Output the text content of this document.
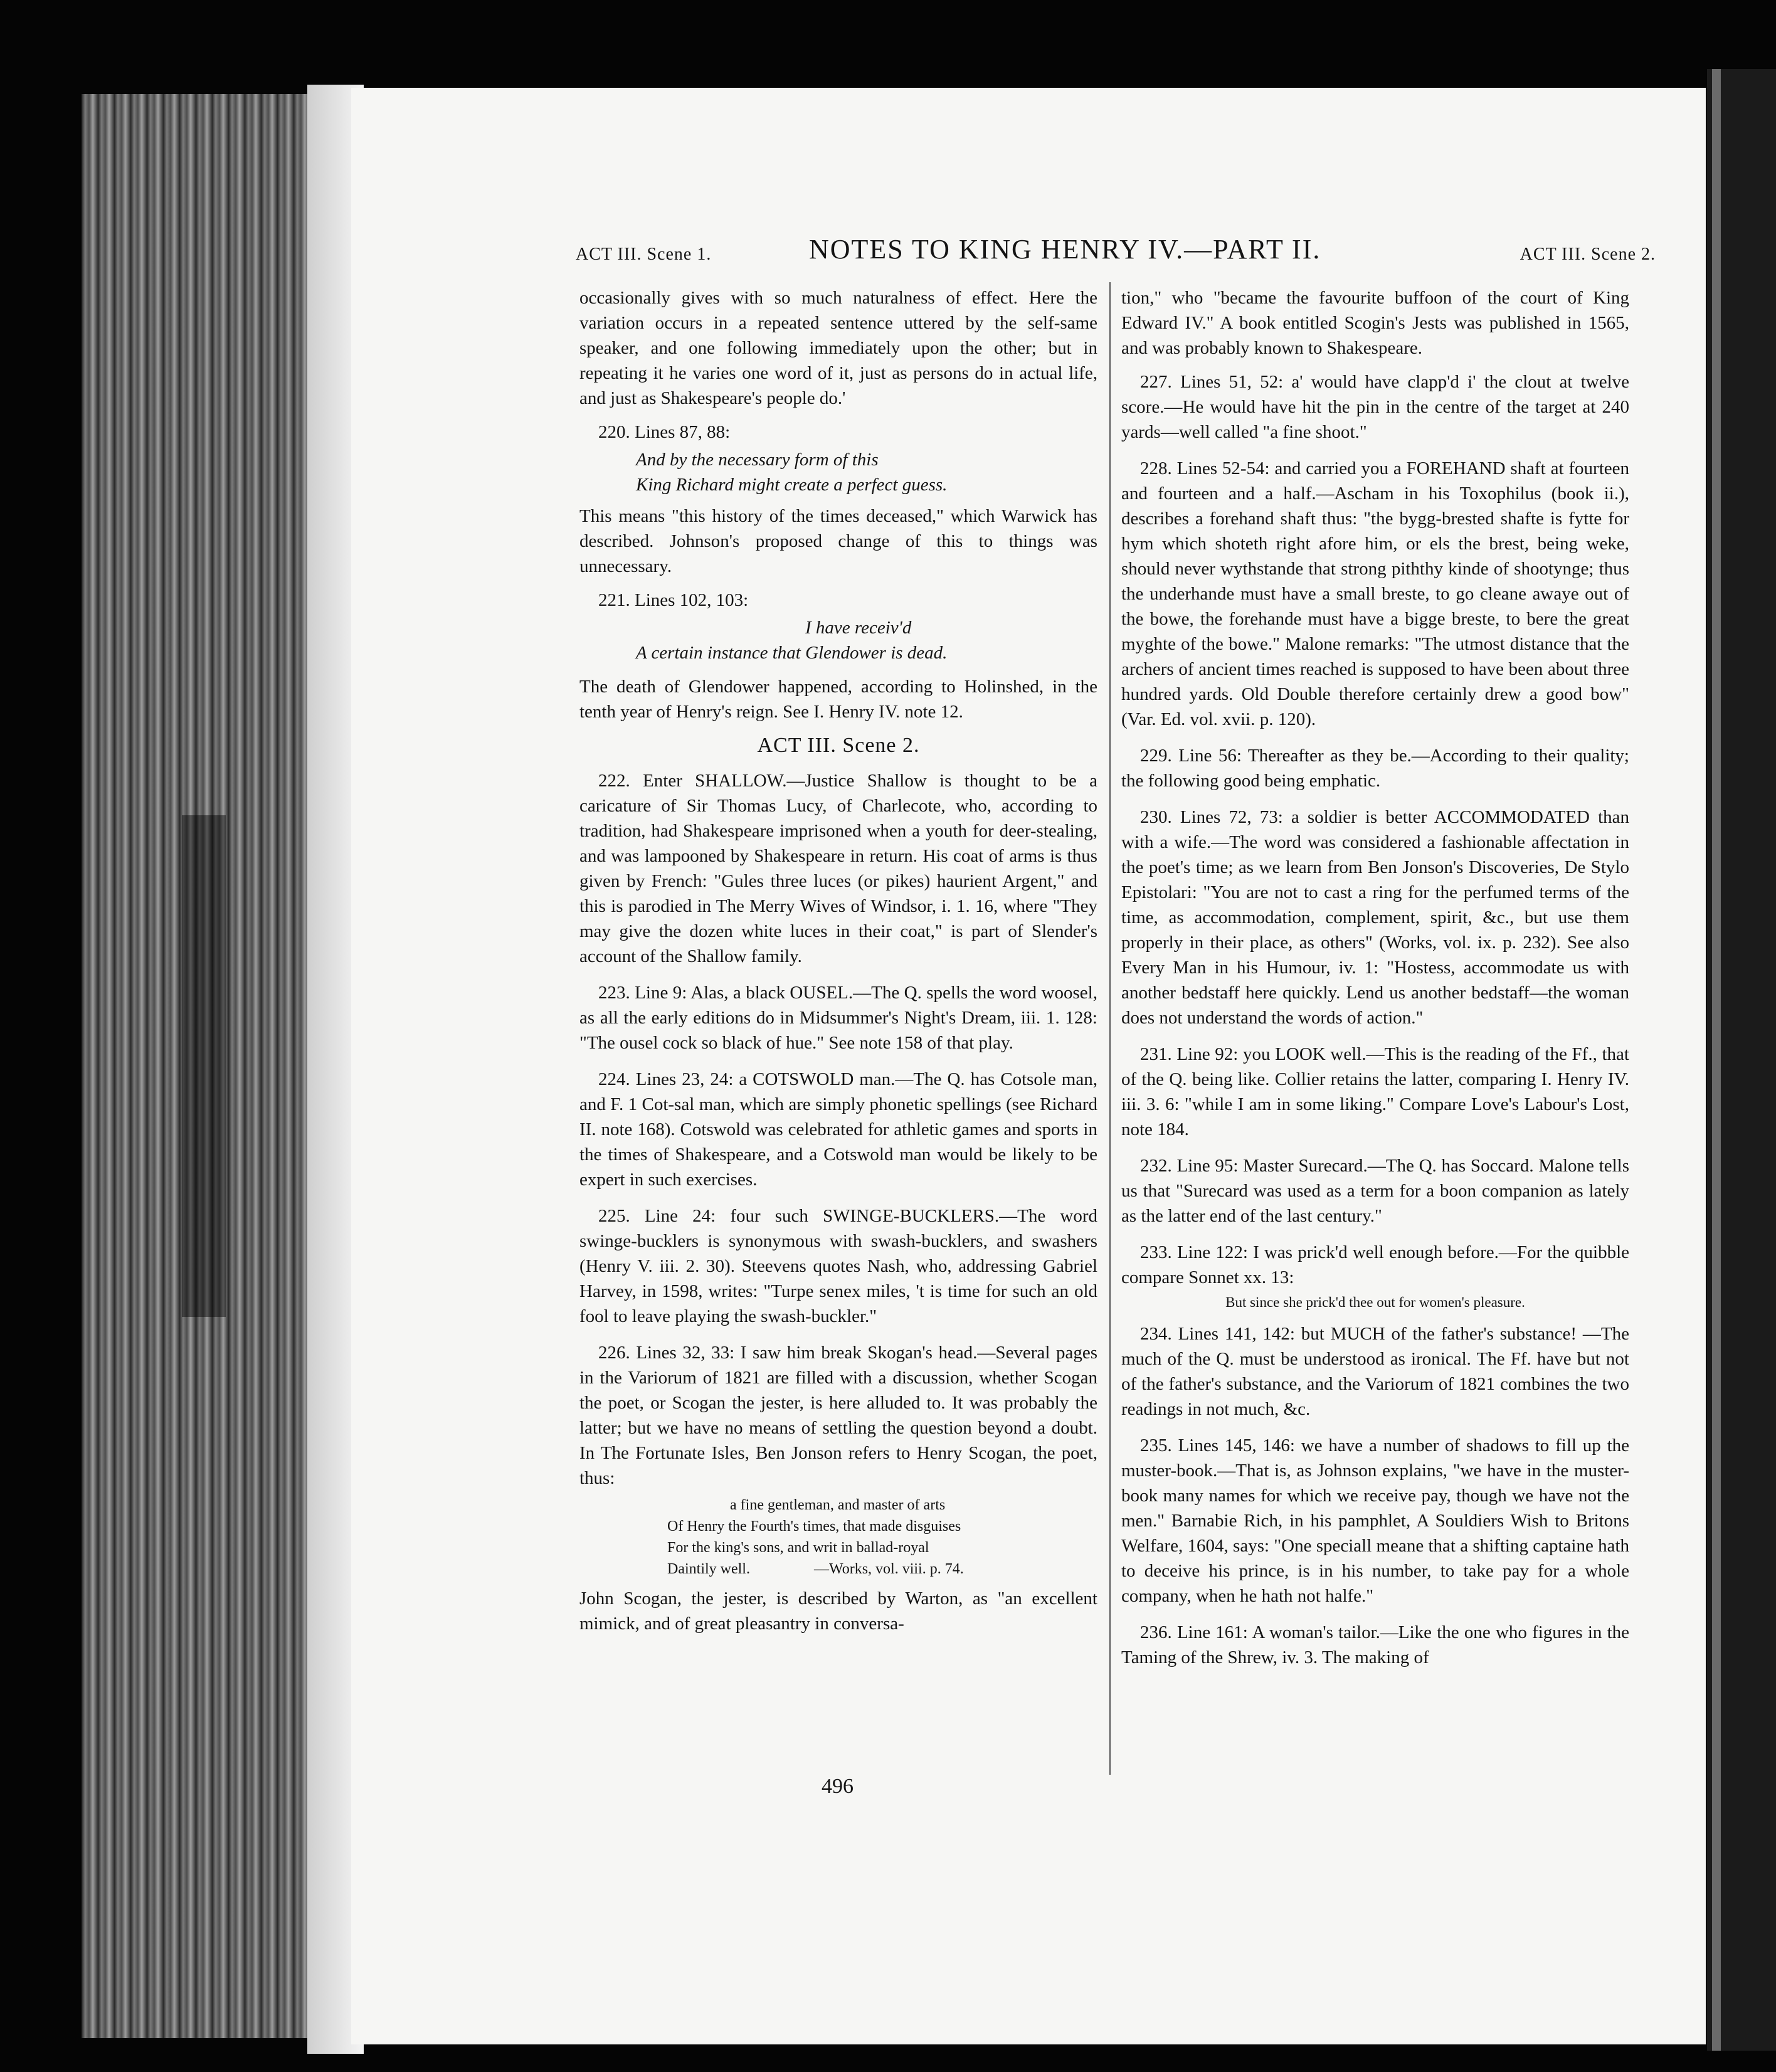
ACT III. Scene 1.	NOTES TO KING HENRY IV.—PART II.	ACT III. Scene 2.

occasionally gives with so much naturalness of effect. Here the variation occurs in a repeated sentence uttered by the self-same speaker, and one following immediately upon the other; but in repeating it he varies one word of it, just as persons do in actual life, and just as Shakespeare's people do.'

220. Lines 87, 88:

And by the necessary form of this

King Richard might create a perfect guess.

This means "this history of the times deceased," which Warwick has described. Johnson's proposed change of this to things was unnecessary.

221. Lines 102, 103:

I have receiv'd

A certain instance that Glendower is dead.

The death of Glendower happened, according to Holinshed, in the tenth year of Henry's reign. See I. Henry IV. note 12.

ACT III. Scene 2.

222. Enter SHALLOW.—Justice Shallow is thought to be a caricature of Sir Thomas Lucy, of Charlecote, who, according to tradition, had Shakespeare imprisoned when a youth for deer-stealing, and was lampooned by Shakespeare in return. His coat of arms is thus given by French: "Gules three luces (or pikes) haurient Argent," and this is parodied in The Merry Wives of Windsor, i. 1. 16, where "They may give the dozen white luces in their coat," is part of Slender's account of the Shallow family.

223. Line 9: Alas, a black OUSEL.—The Q. spells the word woosel, as all the early editions do in Midsummer's Night's Dream, iii. 1. 128: "The ousel cock so black of hue." See note 158 of that play.

224. Lines 23, 24: a COTSWOLD man.—The Q. has Cotsole man, and F. 1 Cot-sal man, which are simply phonetic spellings (see Richard II. note 168). Cotswold was celebrated for athletic games and sports in the times of Shakespeare, and a Cotswold man would be likely to be expert in such exercises.

225. Line 24: four such SWINGE-BUCKLERS.—The word swinge-bucklers is synonymous with swash-bucklers, and swashers (Henry V. iii. 2. 30). Steevens quotes Nash, who, addressing Gabriel Harvey, in 1598, writes: "Turpe senex miles, 't is time for such an old fool to leave playing the swash-buckler."

226. Lines 32, 33: I saw him break Skogan's head.—Several pages in the Variorum of 1821 are filled with a discussion, whether Scogan the poet, or Scogan the jester, is here alluded to. It was probably the latter; but we have no means of settling the question beyond a doubt. In The Fortunate Isles, Ben Jonson refers to Henry Scogan, the poet, thus:

a fine gentleman, and master of arts
Of Henry the Fourth's times, that made disguises
For the king's sons, and writ in ballad-royal
Daintily well.                 —Works, vol. viii. p. 74.

John Scogan, the jester, is described by Warton, as "an excellent mimick, and of great pleasantry in conversa-

tion," who "became the favourite buffoon of the court of King Edward IV." A book entitled Scogin's Jests was published in 1565, and was probably known to Shakespeare.

227. Lines 51, 52: a' would have clapp'd i' the clout at twelve score.—He would have hit the pin in the centre of the target at 240 yards—well called "a fine shoot."

228. Lines 52-54: and carried you a FOREHAND shaft at fourteen and fourteen and a half.—Ascham in his Toxophilus (book ii.), describes a forehand shaft thus: "the bygg-brested shafte is fytte for hym which shoteth right afore him, or els the brest, being weke, should never wythstande that strong piththy kinde of shootynge; thus the underhande must have a small breste, to go cleane awaye out of the bowe, the forehande must have a bigge breste, to bere the great myghte of the bowe." Malone remarks: "The utmost distance that the archers of ancient times reached is supposed to have been about three hundred yards. Old Double therefore certainly drew a good bow" (Var. Ed. vol. xvii. p. 120).

229. Line 56: Thereafter as they be.—According to their quality; the following good being emphatic.

230. Lines 72, 73: a soldier is better ACCOMMODATED than with a wife.—The word was considered a fashionable affectation in the poet's time; as we learn from Ben Jonson's Discoveries, De Stylo Epistolari: "You are not to cast a ring for the perfumed terms of the time, as accommodation, complement, spirit, &c., but use them properly in their place, as others" (Works, vol. ix. p. 232). See also Every Man in his Humour, iv. 1: "Hostess, accommodate us with another bedstaff here quickly. Lend us another bedstaff—the woman does not understand the words of action."

231. Line 92: you LOOK well.—This is the reading of the Ff., that of the Q. being like. Collier retains the latter, comparing I. Henry IV. iii. 3. 6: "while I am in some liking." Compare Love's Labour's Lost, note 184.

232. Line 95: Master Surecard.—The Q. has Soccard. Malone tells us that "Surecard was used as a term for a boon companion as lately as the latter end of the last century."

233. Line 122: I was prick'd well enough before.—For the quibble compare Sonnet xx. 13:

But since she prick'd thee out for women's pleasure.

234. Lines 141, 142: but MUCH of the father's substance! —The much of the Q. must be understood as ironical. The Ff. have but not of the father's substance, and the Variorum of 1821 combines the two readings in not much, &c.

235. Lines 145, 146: we have a number of shadows to fill up the muster-book.—That is, as Johnson explains, "we have in the muster-book many names for which we receive pay, though we have not the men." Barnabie Rich, in his pamphlet, A Souldiers Wish to Britons Welfare, 1604, says: "One speciall meane that a shifting captaine hath to deceive his prince, is in his number, to take pay for a whole company, when he hath not halfe."

236. Line 161: A woman's tailor.—Like the one who figures in the Taming of the Shrew, iv. 3. The making of

496
